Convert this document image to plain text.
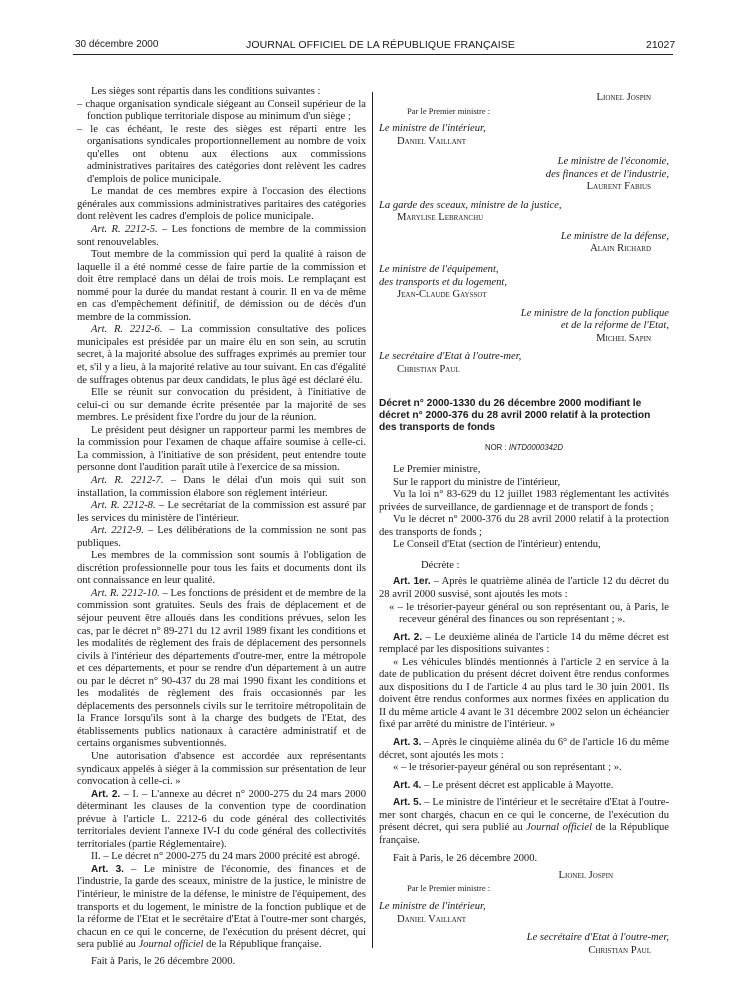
30 décembre 2000	JOURNAL OFFICIEL DE LA RÉPUBLIQUE FRANÇAISE	21027

Les sièges sont répartis dans les conditions suivantes :

– chaque organisation syndicale siégeant au Conseil supérieur de la fonction publique territoriale dispose au minimum d'un siège ;

– le cas échéant, le reste des sièges est réparti entre les organisations syndicales proportionnellement au nombre de voix qu'elles ont obtenu aux élections aux commissions administratives paritaires des catégories dont relèvent les cadres d'emplois de police municipale.

Le mandat de ces membres expire à l'occasion des élections générales aux commissions administratives paritaires des catégories dont relèvent les cadres d'emplois de police municipale.

Art. R. 2212-5. – Les fonctions de membre de la commission sont renouvelables.

Tout membre de la commission qui perd la qualité à raison de laquelle il a été nommé cesse de faire partie de la commission et doit être remplacé dans un délai de trois mois. Le remplaçant est nommé pour la durée du mandat restant à courir. Il en va de même en cas d'empêchement définitif, de démission ou de décès d'un membre de la commission.

Art. R. 2212-6. – La commission consultative des polices municipales est présidée par un maire élu en son sein, au scrutin secret, à la majorité absolue des suffrages exprimés au premier tour et, s'il y a lieu, à la majorité relative au tour suivant. En cas d'égalité de suffrages obtenus par deux candidats, le plus âgé est déclaré élu.

Elle se réunit sur convocation du président, à l'initiative de celui-ci ou sur demande écrite présentée par la majorité de ses membres. Le président fixe l'ordre du jour de la réunion.

Le président peut désigner un rapporteur parmi les membres de la commission pour l'examen de chaque affaire soumise à celle-ci. La commission, à l'initiative de son président, peut entendre toute personne dont l'audition paraît utile à l'exercice de sa mission.

Art. R. 2212-7. – Dans le délai d'un mois qui suit son installation, la commission élabore son règlement intérieur.

Art. R. 2212-8. – Le secrétariat de la commission est assuré par les services du ministère de l'intérieur.

Art. 2212-9. – Les délibérations de la commission ne sont pas publiques.

Les membres de la commission sont soumis à l'obligation de discrétion professionnelle pour tous les faits et documents dont ils ont connaissance en leur qualité.

Art. R. 2212-10. – Les fonctions de président et de membre de la commission sont gratuites. Seuls des frais de déplacement et de séjour peuvent être alloués dans les conditions prévues, selon les cas, par le décret n° 89-271 du 12 avril 1989 fixant les conditions et les modalités de règlement des frais de déplacement des personnels civils à l'intérieur des départements d'outre-mer, entre la métropole et ces départements, et pour se rendre d'un département à un autre ou par le décret n° 90-437 du 28 mai 1990 fixant les conditions et les modalités de règlement des frais occasionnés par les déplacements des personnels civils sur le territoire métropolitain de la France lorsqu'ils sont à la charge des budgets de l'Etat, des établissements publics nationaux à caractère administratif et de certains organismes subventionnés.

Une autorisation d'absence est accordée aux représentants syndicaux appelés à siéger à la commission sur présentation de leur convocation à celle-ci. »

Art. 2. – I. – L'annexe au décret n° 2000-275 du 24 mars 2000 déterminant les clauses de la convention type de coordination prévue à l'article L. 2212-6 du code général des collectivités territoriales devient l'annexe IV-I du code général des collectivités territoriales (partie Réglementaire).

II. – Le décret n° 2000-275 du 24 mars 2000 précité est abrogé.

Art. 3. – Le ministre de l'économie, des finances et de l'industrie, la garde des sceaux, ministre de la justice, le ministre de l'intérieur, le ministre de la défense, le ministre de l'équipement, des transports et du logement, le ministre de la fonction publique et de la réforme de l'Etat et le secrétaire d'Etat à l'outre-mer sont chargés, chacun en ce qui le concerne, de l'exécution du présent décret, qui sera publié au Journal officiel de la République française.

Fait à Paris, le 26 décembre 2000.

Lionel Jospin

Par le Premier ministre :

Le ministre de l'intérieur,

Daniel Vaillant

Le ministre de l'économie,

des finances et de l'industrie,

Laurent Fabius

La garde des sceaux, ministre de la justice,

Marylise Lebranchu

Le ministre de la défense,

Alain Richard

Le ministre de l'équipement,

des transports et du logement,

Jean-Claude Gayssot

Le ministre de la fonction publique

et de la réforme de l'Etat,

Michel Sapin

Le secrétaire d'Etat à l'outre-mer,

Christian Paul

Décret n° 2000-1330 du 26 décembre 2000 modifiant le décret n° 2000-376 du 28 avril 2000 relatif à la protection des transports de fonds

NOR : INTD0000342D

Le Premier ministre,

Sur le rapport du ministre de l'intérieur,

Vu la loi n° 83-629 du 12 juillet 1983 réglementant les activités privées de surveillance, de gardiennage et de transport de fonds ;

Vu le décret n° 2000-376 du 28 avril 2000 relatif à la protection des transports de fonds ;

Le Conseil d'Etat (section de l'intérieur) entendu,

Décrète :

Art. 1er. – Après le quatrième alinéa de l'article 12 du décret du 28 avril 2000 susvisé, sont ajoutés les mots :

« – le trésorier-payeur général ou son représentant ou, à Paris, le receveur général des finances ou son représentant ; ».

Art. 2. – Le deuxième alinéa de l'article 14 du même décret est remplacé par les dispositions suivantes :

« Les véhicules blindés mentionnés à l'article 2 en service à la date de publication du présent décret doivent être rendus conformes aux dispositions du I de l'article 4 au plus tard le 30 juin 2001. Ils doivent être rendus conformes aux normes fixées en application du II du même article 4 avant le 31 décembre 2002 selon un échéancier fixé par arrêté du ministre de l'intérieur. »

Art. 3. – Après le cinquième alinéa du 6° de l'article 16 du même décret, sont ajoutés les mots :

« – le trésorier-payeur général ou son représentant ; ».

Art. 4. – Le présent décret est applicable à Mayotte.

Art. 5. – Le ministre de l'intérieur et le secrétaire d'Etat à l'outre-mer sont chargés, chacun en ce qui le concerne, de l'exécution du présent décret, qui sera publié au Journal officiel de la République française.

Fait à Paris, le 26 décembre 2000.

Lionel Jospin

Par le Premier ministre :

Le ministre de l'intérieur,

Daniel Vaillant

Le secrétaire d'Etat à l'outre-mer,

Christian Paul
